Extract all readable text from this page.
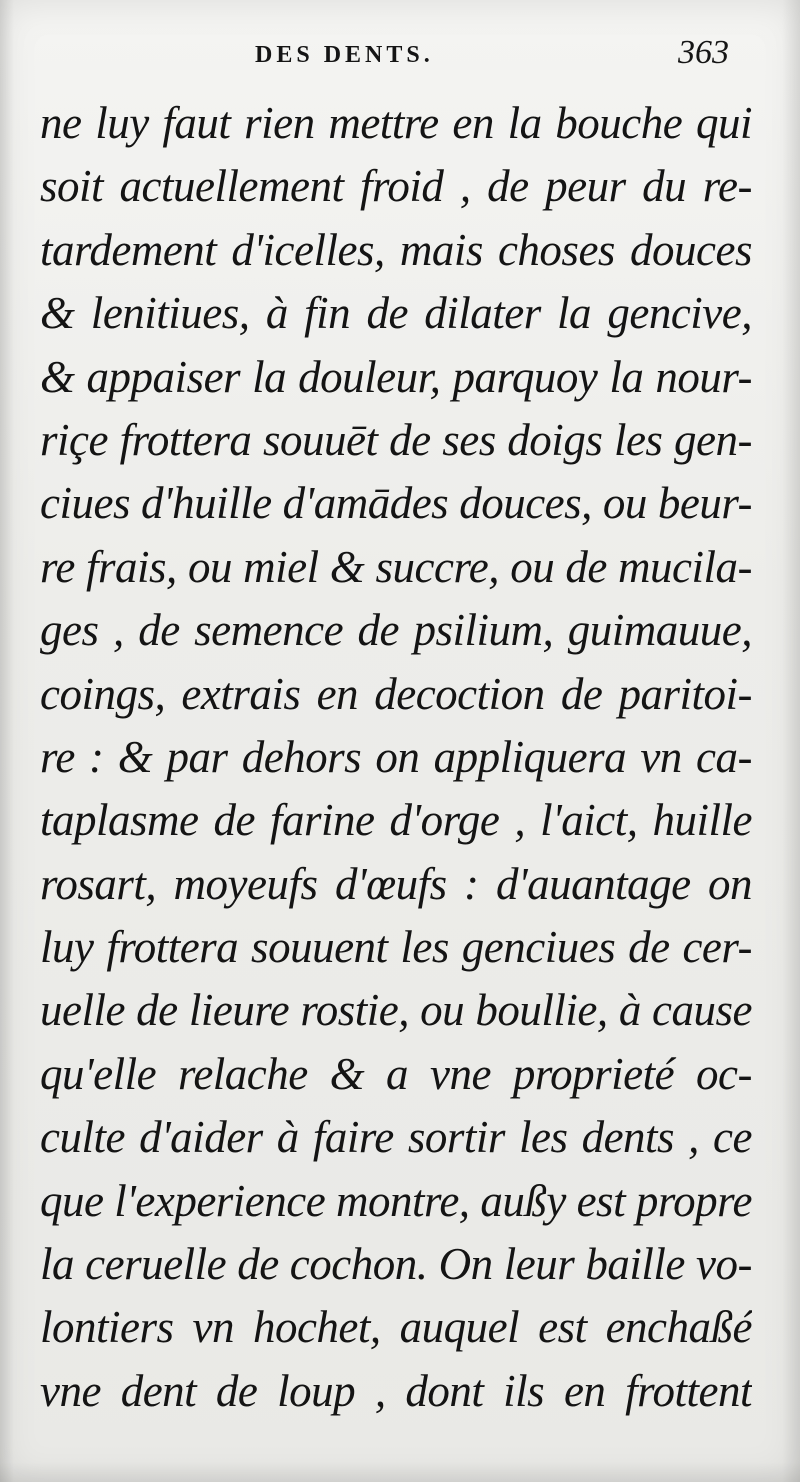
DES DENTS.	363
ne luy faut rien mettre en la bouche qui
soit actuellement froid , de peur du re-
tardement d'icelles, mais choses douces
& lenitiues, à fin de dilater la gencive,
& appaiser la douleur, parquoy la nour-
riçe frottera souuēt de ses doigs les gen-
ciues d'huille d'amādes douces, ou beur-
re frais, ou miel & succre, ou de mucila-
ges , de semence de psilium, guimauue,
coings, extrais en decoction de paritoi-
re : & par dehors on appliquera vn ca-
taplasme de farine d'orge , l'aict, huille
rosart, moyeufs d'œufs : d'auantage on
luy frottera souuent les genciues de cer-
uelle de lieure rostie, ou boullie, à cause
qu'elle relache & a vne proprieté oc-
culte d'aider à faire sortir les dents , ce
que l'experience montre, außy est propre
la ceruelle de cochon. On leur baille vo-
lontiers vn hochet, auquel est enchaßé
vne dent de loup , dont ils en frottent
